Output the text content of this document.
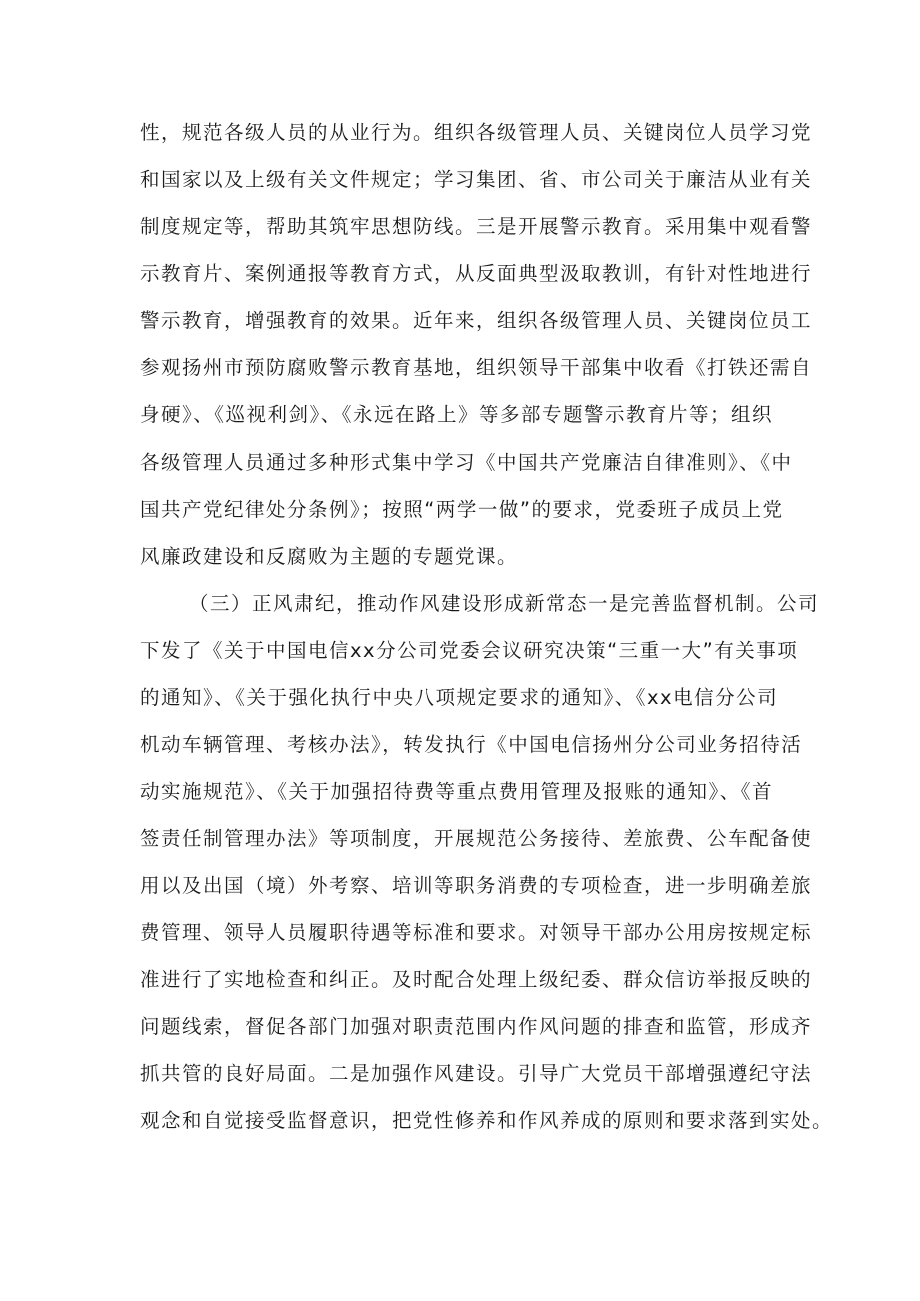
性，规范各级人员的从业行为。组织各级管理人员、关键岗位人员学习党
和国家以及上级有关文件规定；学习集团、省、市公司关于廉洁从业有关
制度规定等，帮助其筑牢思想防线。三是开展警示教育。采用集中观看警
示教育片、案例通报等教育方式，从反面典型汲取教训，有针对性地进行
警示教育，增强教育的效果。近年来，组织各级管理人员、关键岗位员工
参观扬州市预防腐败警示教育基地，组织领导干部集中收看《打铁还需自
身硬》、《巡视利剑》、《永远在路上》等多部专题警示教育片等；组织
各级管理人员通过多种形式集中学习《中国共产党廉洁自律准则》、《中
国共产党纪律处分条例》；按照“两学一做”的要求，党委班子成员上党
风廉政建设和反腐败为主题的专题党课。
（三）正风肃纪，推动作风建设形成新常态一是完善监督机制。公司
下发了《关于中国电信xx分公司党委会议研究决策“三重一大”有关事项
的通知》、《关于强化执行中央八项规定要求的通知》、《xx电信分公司
机动车辆管理、考核办法》，转发执行《中国电信扬州分公司业务招待活
动实施规范》、《关于加强招待费等重点费用管理及报账的通知》、《首
签责任制管理办法》等项制度，开展规范公务接待、差旅费、公车配备使
用以及出国（境）外考察、培训等职务消费的专项检查，进一步明确差旅
费管理、领导人员履职待遇等标准和要求。对领导干部办公用房按规定标
准进行了实地检查和纠正。及时配合处理上级纪委、群众信访举报反映的
问题线索，督促各部门加强对职责范围内作风问题的排查和监管，形成齐
抓共管的良好局面。二是加强作风建设。引导广大党员干部增强遵纪守法
观念和自觉接受监督意识，把党性修养和作风养成的原则和要求落到实处。
